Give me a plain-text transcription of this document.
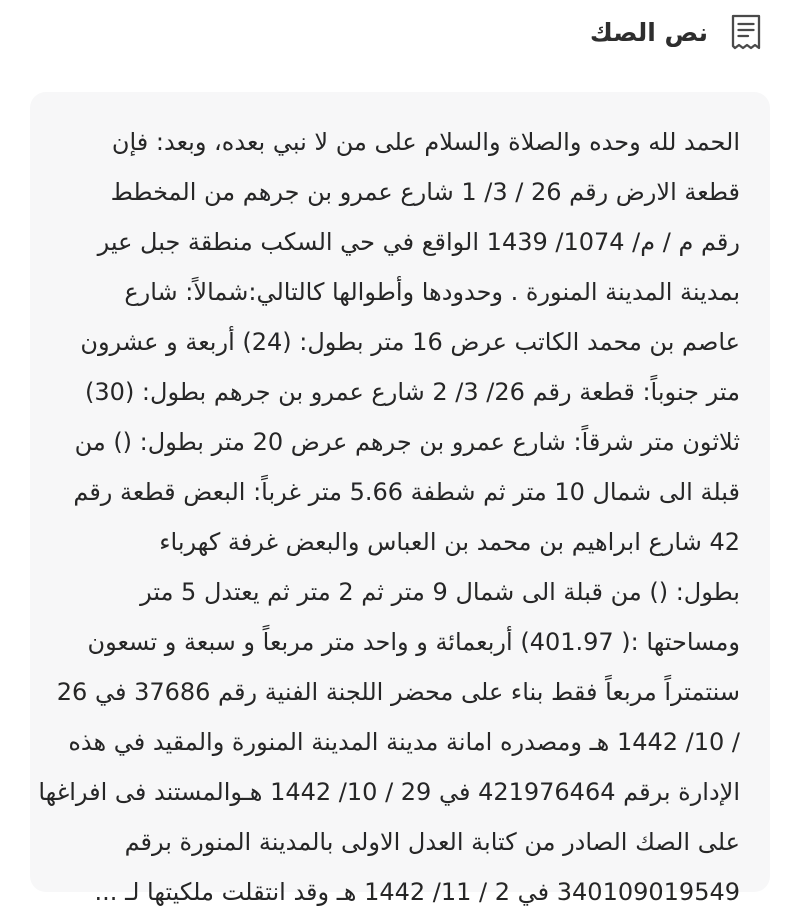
نص الصك
الحمد لله وحده والصلاة والسلام على من لا نبي بعده، وبعد: فإن
قطعة الارض رقم 26 / 3/ 1 شارع عمرو بن جرهم من المخطط
رقم م / م/ 1074/ 1439 الواقع في حي السكب منطقة جبل عير
بمدينة المدينة المنورة . وحدودها وأطوالها كالتالي:شمالاً: شارع
عاصم بن محمد الكاتب عرض 16 متر بطول: (24) أربعة و عشرون
متر جنوباً: قطعة رقم 26/ 3/ 2 شارع عمرو بن جرهم بطول: (30)
ثلاثون متر شرقاً: شارع عمرو بن جرهم عرض 20 متر بطول: () من
قبلة الى شمال 10 متر ثم شطفة 5.66 متر غرباً: البعض قطعة رقم
42 شارع ابراهيم بن محمد بن العباس والبعض غرفة كهرباء
بطول: () من قبلة الى شمال 9 متر ثم 2 متر ثم يعتدل 5 متر
ومساحتها :( 401.97) أربعمائة و واحد متر مربعاً و سبعة و تسعون
سنتمتراً مربعاً فقط بناء على محضر اللجنة الفنية رقم 37686 في 26
/ 10/ 1442 هـ ومصدره امانة مدينة المدينة المنورة والمقيد في هذه
الإدارة برقم 421976464 في 29 / 10/ 1442 هـوالمستند فى افراغها
على الصك الصادر من كتابة العدل الاولى بالمدينة المنورة برقم
340109019549 في 2 / 11/ 1442 هـ وقد انتقلت ملكيتها لـ ...
